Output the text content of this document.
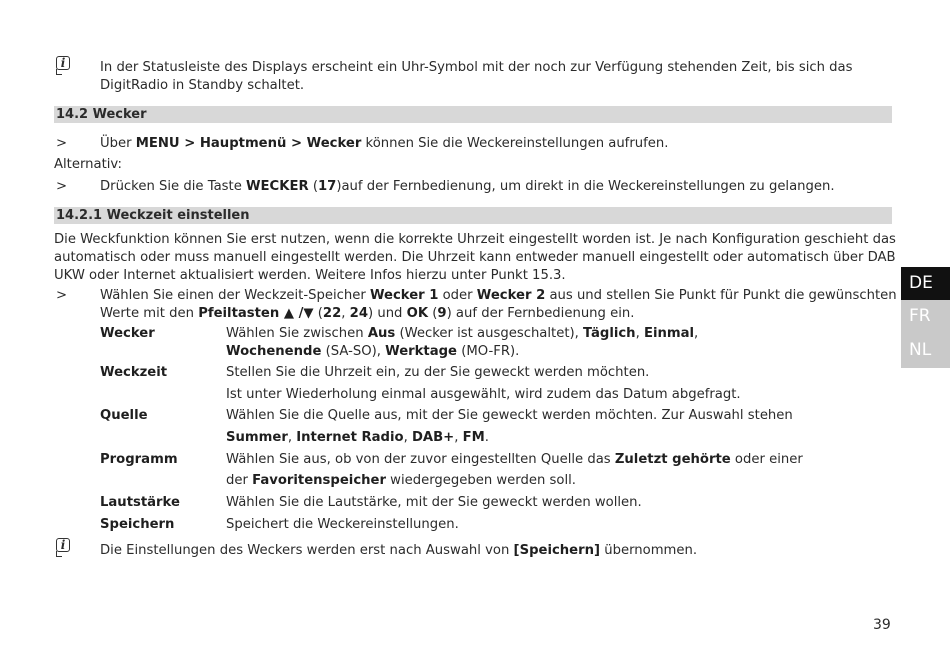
i	In der Statusleiste des Displays erscheint ein Uhr-Symbol mit der noch zur Verfügung stehenden Zeit, bis sich das
DigitRadio in Standby schaltet.
14.2 Wecker
> Über MENU > Hauptmenü > Wecker können Sie die Weckereinstellungen aufrufen.
Alternativ:
> Drücken Sie die Taste WECKER (17)auf der Fernbedienung, um direkt in die Weckereinstellungen zu gelangen.
14.2.1 Weckzeit einstellen
Die Weckfunktion können Sie erst nutzen, wenn die korrekte Uhrzeit eingestellt worden ist. Je nach Konfiguration geschieht das
automatisch oder muss manuell eingestellt werden. Die Uhrzeit kann entweder manuell eingestellt oder automatisch über DAB
UKW oder Internet aktualisiert werden. Weitere Infos hierzu unter Punkt 15.3.
> Wählen Sie einen der Weckzeit-Speicher Wecker 1 oder Wecker 2 aus und stellen Sie Punkt für Punkt die gewünschten
Werte mit den Pfeiltasten ▲ /▼ (22, 24) und OK (9) auf der Fernbedienung ein.
Wecker	Wählen Sie zwischen Aus (Wecker ist ausgeschaltet), Täglich, Einmal,
Wochenende (SA-SO), Werktage (MO-FR).
Weckzeit	Stellen Sie die Uhrzeit ein, zu der Sie geweckt werden möchten.
Ist unter Wiederholung einmal ausgewählt, wird zudem das Datum abgefragt.
Quelle	Wählen Sie die Quelle aus, mit der Sie geweckt werden möchten. Zur Auswahl stehen
Summer, Internet Radio, DAB+, FM.
Programm	Wählen Sie aus, ob von der zuvor eingestellten Quelle das Zuletzt gehörte oder einer
der Favoritenspeicher wiedergegeben werden soll.
Lautstärke	Wählen Sie die Lautstärke, mit der Sie geweckt werden wollen.
Speichern	Speichert die Weckereinstellungen.
i	Die Einstellungen des Weckers werden erst nach Auswahl von [Speichern] übernommen.
DE
FR
NL
39
